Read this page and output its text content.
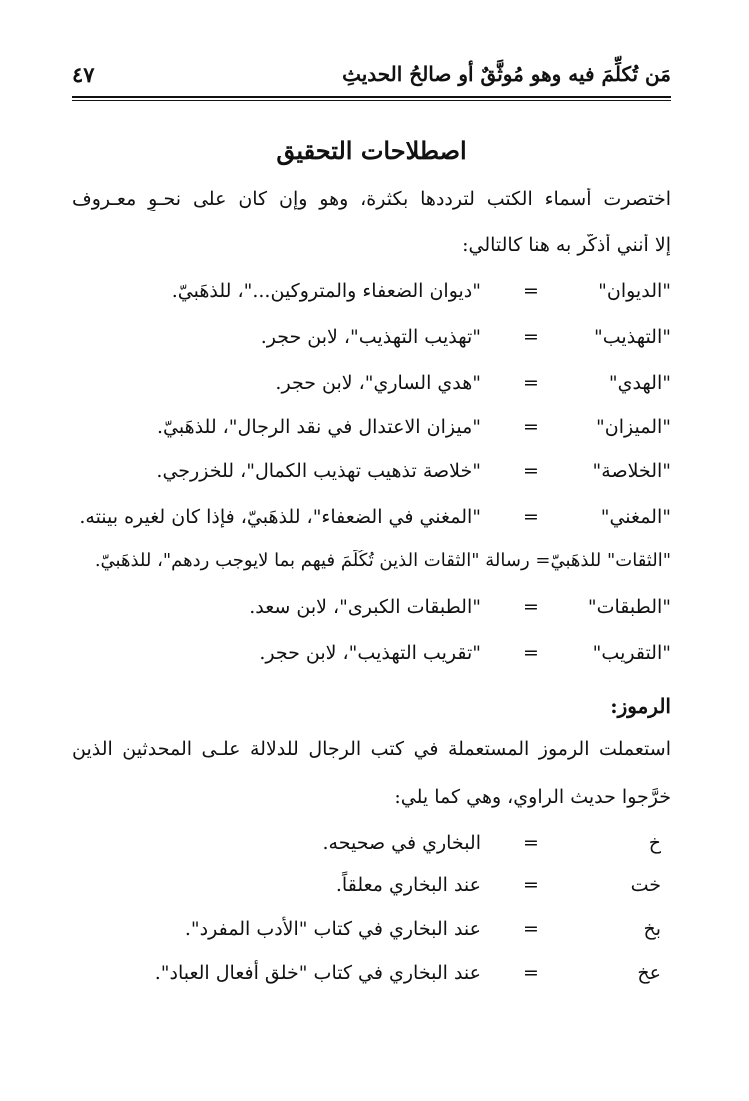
مَن تُكلِّمَ فيه وهو مُوثَّقٌ أو صالحُ الحديثِ
٤٧
اصطلاحات التحقيق
اختصرت أسماء الكتب لترددها بكثرة، وهو وإن كان على نحـوٍ معـروف
إلا أنني أذكّر به هنا كالتالي:
"الديوان"
=
"ديوان الضعفاء والمتروكين..."، للذهَبيّ.
"التهذيب"
=
"تهذيب التهذيب"، لابن حجر.
"الهدي"
=
"هدي الساري"، لابن حجر.
"الميزان"
=
"ميزان الاعتدال في نقد الرجال"، للذهَبيّ.
"الخلاصة"
=
"خلاصة تذهيب تهذيب الكمال"، للخزرجي.
"المغني"
=
"المغني في الضعفاء"، للذهَبيّ، فإذا كان لغيره بينته.
"الثقات" للذهَبيّ= رسالة "الثقات الذين تُكُلِّمَ فيهم بما لايوجب ردهم"، للذهَبيّ.
"الطبقات"
=
"الطبقات الكبرى"، لابن سعد.
"التقريب"
=
"تقريب التهذيب"، لابن حجر.
الرموز:
استعملت الرموز المستعملة في كتب الرجال للدلالة علـى المحدثين الذين
خرَّجوا حديث الراوي، وهي كما يلي:
خ
=
البخاري في صحيحه.
خت
=
عند البخاري معلقاً.
بخ
=
عند البخاري في كتاب "الأدب المفرد".
عخ
=
عند البخاري في كتاب "خلق أفعال العباد".
